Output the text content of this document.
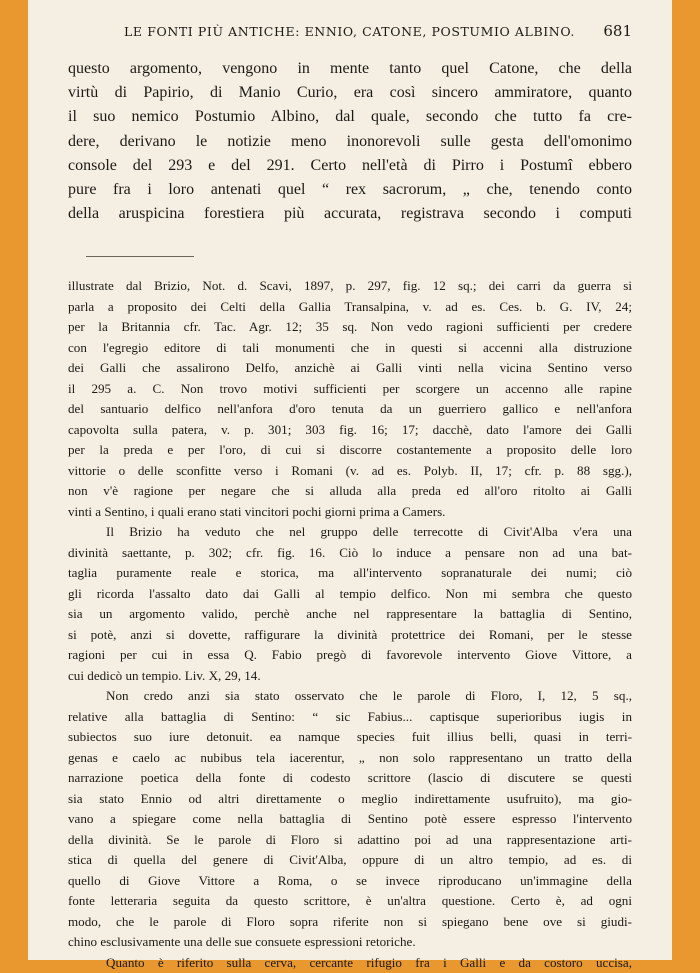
LE FONTI PIÙ ANTICHE: ENNIO, CATONE, POSTUMIO ALBINO. 681
questo argomento, vengono in mente tanto quel Catone, che della
virtù di Papirio, di Manio Curio, era così sincero ammiratore, quanto
il suo nemico Postumio Albino, dal quale, secondo che tutto fa cre-
dere, derivano le notizie meno inonorevoli sulle gesta dell'omonimo
console del 293 e del 291. Certo nell'età di Pirro i Postumî ebbero
pure fra i loro antenati quel “ rex sacrorum, „ che, tenendo conto
della aruspicina forestiera più accurata, registrava secondo i computi
illustrate dal Brizio, Not. d. Scavi, 1897, p. 297, fig. 12 sq.; dei carri da guerra si
parla a proposito dei Celti della Gallia Transalpina, v. ad es. Ces. b. G. IV, 24;
per la Britannia cfr. Tac. Agr. 12; 35 sq. Non vedo ragioni sufficienti per credere
con l'egregio editore di tali monumenti che in questi si accenni alla distruzione
dei Galli che assalirono Delfo, anzichè ai Galli vinti nella vicina Sentino verso
il 295 a. C. Non trovo motivi sufficienti per scorgere un accenno alle rapine
del santuario delfico nell'anfora d'oro tenuta da un guerriero gallico e nell'anfora
capovolta sulla patera, v. p. 301; 303 fig. 16; 17; dacchè, dato l'amore dei Galli
per la preda e per l'oro, di cui si discorre costantemente a proposito delle loro
vittorie o delle sconfitte verso i Romani (v. ad es. Polyb. II, 17; cfr. p. 88 sgg.),
non v'è ragione per negare che si alluda alla preda ed all'oro ritolto ai Galli
vinti a Sentino, i quali erano stati vincitori pochi giorni prima a Camers.
Il Brizio ha veduto che nel gruppo delle terrecotte di Civit'Alba v'era una
divinità saettante, p. 302; cfr. fig. 16. Ciò lo induce a pensare non ad una bat-
taglia puramente reale e storica, ma all'intervento sopranaturale dei numi; ciò
gli ricorda l'assalto dato dai Galli al tempio delfico. Non mi sembra che questo
sia un argomento valido, perchè anche nel rappresentare la battaglia di Sentino,
si potè, anzi si dovette, raffigurare la divinità protettrice dei Romani, per le stesse
ragioni per cui in essa Q. Fabio pregò di favorevole intervento Giove Vittore, a
cui dedicò un tempio. Liv. X, 29, 14.
Non credo anzi sia stato osservato che le parole di Floro, I, 12, 5 sq.,
relative alla battaglia di Sentino: “ sic Fabius... captisque superioribus iugis in
subiectos suo iure detonuit. ea namque species fuit illius belli, quasi in terri-
genas e caelo ac nubibus tela iacerentur, „ non solo rappresentano un tratto della
narrazione poetica della fonte di codesto scrittore (lascio di discutere se questi
sia stato Ennio od altri direttamente o meglio indirettamente usufruito), ma gio-
vano a spiegare come nella battaglia di Sentino potè essere espresso l'intervento
della divinità. Se le parole di Floro si adattino poi ad una rappresentazione arti-
stica di quella del genere di Civit'Alba, oppure di un altro tempio, ad es. di
quello di Giove Vittore a Roma, o se invece riproducano un'immagine della
fonte letteraria seguita da questo scrittore, è un'altra questione. Certo è, ad ogni
modo, che le parole di Floro sopra riferite non si spiegano bene ove si giudi-
chino esclusivamente una delle sue consuete espressioni retoriche.
Quanto è riferito sulla cerva, cercante rifugio fra i Galli e da costoro uccisa,
